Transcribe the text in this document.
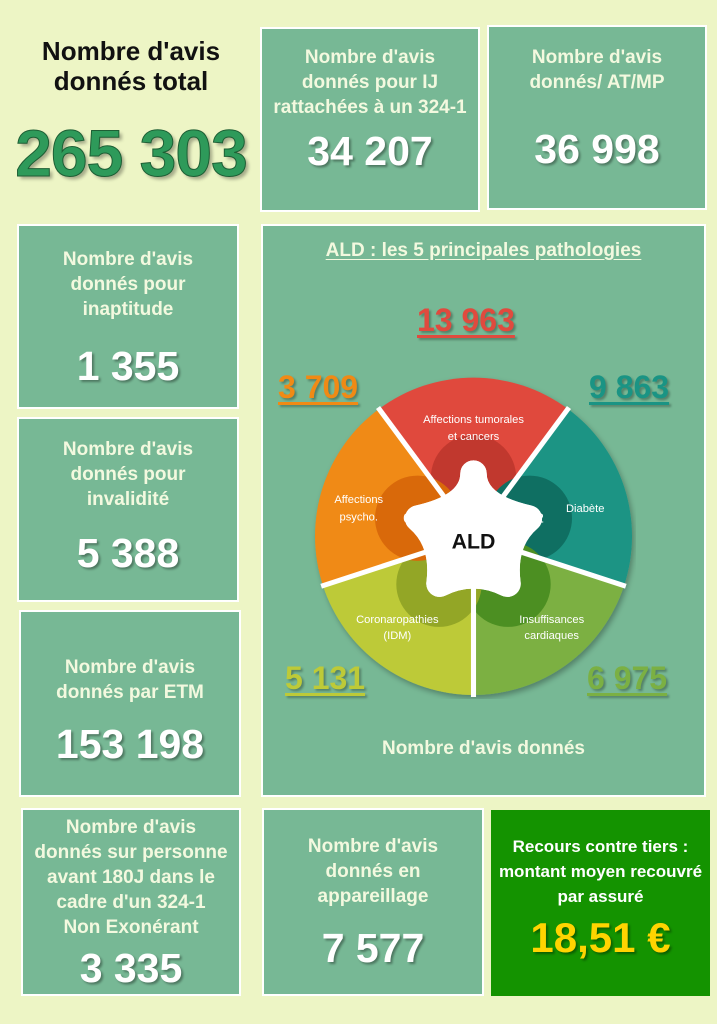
Nombre d'avis
donnés total
265 303
Nombre d'avis
donnés pour IJ
rattachées à un 324-1
34 207
Nombre d'avis
donnés/ AT/MP
36 998
Nombre d'avis
donnés pour
inaptitude
1 355
Nombre d'avis
donnés pour
invalidité
5 388
Nombre d'avis
donnés par ETM
153 198
Nombre d'avis
donnés sur personne
avant 180J dans le
cadre d'un 324-1
Non Exonérant
3 335
Nombre d'avis
donnés en
appareillage
7 577
Recours contre tiers :
montant moyen recouvré
par assuré
18,51 €
ALD : les 5 principales pathologies
13 963
3 709	9 863
5 131	6 975
ALD
Affections tumorales
et cancers
01
Diabète
02
Insuffisances
cardiaques
03
Coronaropathies
(IDM)
04
Affections
psycho. 05
Nombre d'avis donnés
